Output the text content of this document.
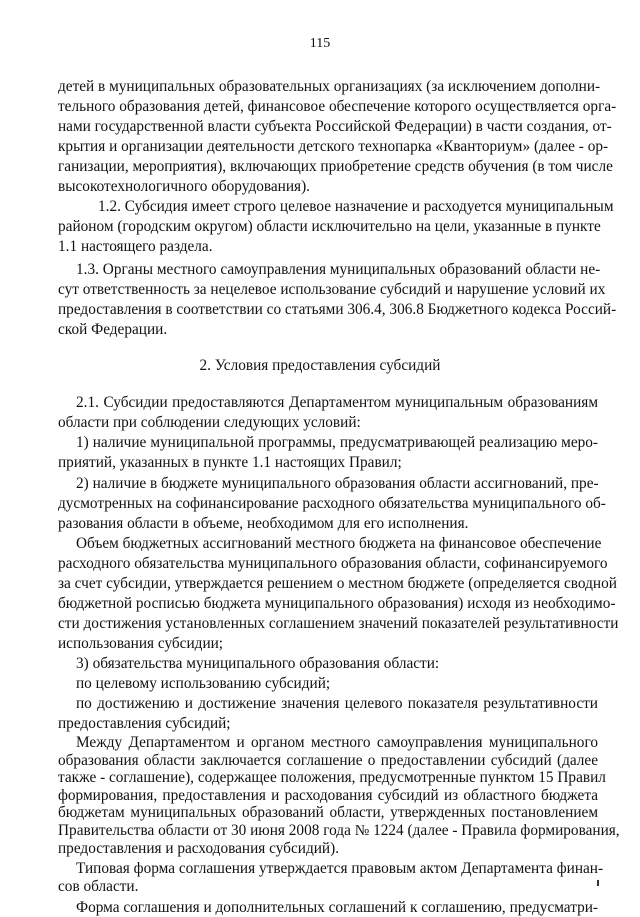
115
детей в муниципальных образовательных организациях (за исключением дополни-
тельного образования детей, финансовое обеспечение которого осуществляется орга-
нами государственной власти субъекта Российской Федерации) в части создания, от-
крытия и организации деятельности детского технопарка «Кванториум» (далее - ор-
ганизации, мероприятия), включающих приобретение средств обучения (в том числе
высокотехнологичного оборудования).
1.2. Субсидия имеет строго целевое назначение и расходуется муниципальным
районом (городским округом) области исключительно на цели, указанные в пункте
1.1 настоящего раздела.
1.3. Органы местного самоуправления муниципальных образований области не-
сут ответственность за нецелевое использование субсидий и нарушение условий их
предоставления в соответствии со статьями 306.4, 306.8 Бюджетного кодекса Россий-
ской Федерации.
2. Условия предоставления субсидий
2.1. Субсидии предоставляются Департаментом муниципальным образованиям
области при соблюдении следующих условий:
1) наличие муниципальной программы, предусматривающей реализацию меро-
приятий, указанных в пункте 1.1 настоящих Правил;
2) наличие в бюджете муниципального образования области ассигнований, пре-
дусмотренных на софинансирование расходного обязательства муниципального об-
разования области в объеме, необходимом для его исполнения.
Объем бюджетных ассигнований местного бюджета на финансовое обеспечение
расходного обязательства муниципального образования области, софинансируемого
за счет субсидии, утверждается решением о местном бюджете (определяется сводной
бюджетной росписью бюджета муниципального образования) исходя из необходимо-
сти достижения установленных соглашением значений показателей результативности
использования субсидии;
3) обязательства муниципального образования области:
по целевому использованию субсидий;
по достижению и достижение значения целевого показателя результативности
предоставления субсидий;
Между Департаментом и органом местного самоуправления муниципального
образования области заключается соглашение о предоставлении субсидий (далее
также - соглашение), содержащее положения, предусмотренные пунктом 15 Правил
формирования, предоставления и расходования субсидий из областного бюджета
бюджетам муниципальных образований области, утвержденных постановлением
Правительства области от 30 июня 2008 года № 1224 (далее - Правила формирования,
предоставления и расходования субсидий).
Типовая форма соглашения утверждается правовым актом Департамента финан-
сов области.
Форма соглашения и дополнительных соглашений к соглашению, предусматри-
